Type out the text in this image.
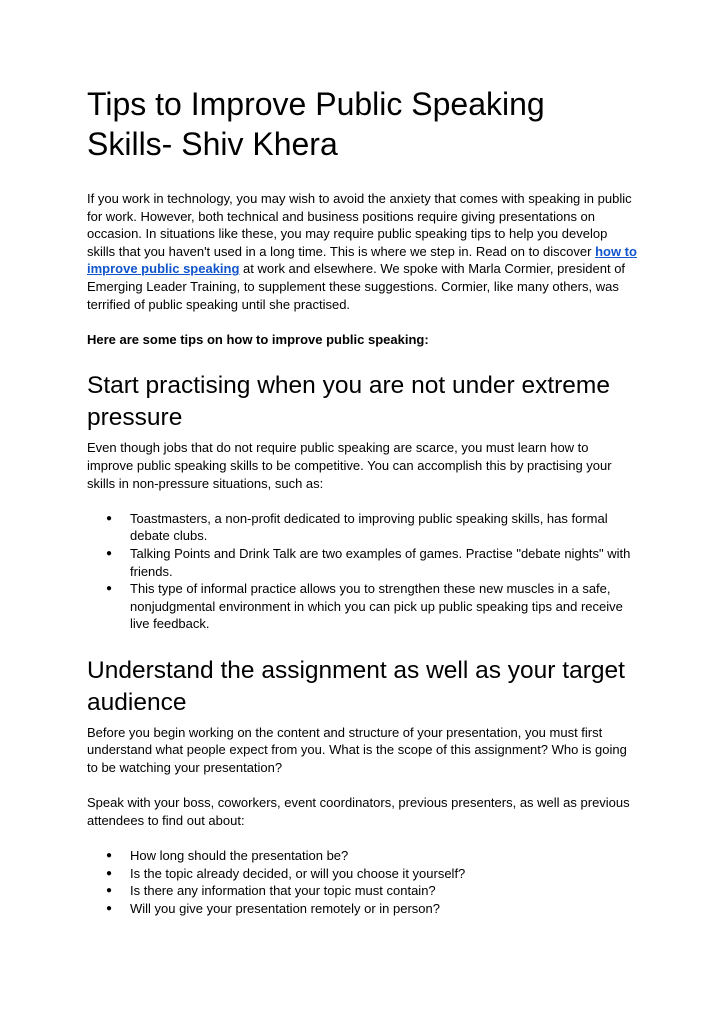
Tips to Improve Public Speaking Skills- Shiv Khera

If you work in technology, you may wish to avoid the anxiety that comes with speaking in public for work. However, both technical and business positions require giving presentations on occasion. In situations like these, you may require public speaking tips to help you develop skills that you haven't used in a long time. This is where we step in. Read on to discover how to improve public speaking at work and elsewhere. We spoke with Marla Cormier, president of Emerging Leader Training, to supplement these suggestions. Cormier, like many others, was terrified of public speaking until she practised.

Here are some tips on how to improve public speaking:

Start practising when you are not under extreme pressure

Even though jobs that do not require public speaking are scarce, you must learn how to improve public speaking skills to be competitive. You can accomplish this by practising your skills in non-pressure situations, such as:

● Toastmasters, a non-profit dedicated to improving public speaking skills, has formal debate clubs.
● Talking Points and Drink Talk are two examples of games. Practise "debate nights" with friends.
● This type of informal practice allows you to strengthen these new muscles in a safe, nonjudgmental environment in which you can pick up public speaking tips and receive live feedback.
Understand the assignment as well as your target audience

Before you begin working on the content and structure of your presentation, you must first understand what people expect from you. What is the scope of this assignment? Who is going to be watching your presentation?

Speak with your boss, coworkers, event coordinators, previous presenters, as well as previous attendees to find out about:

● How long should the presentation be?
● Is the topic already decided, or will you choose it yourself?
● Is there any information that your topic must contain?
● Will you give your presentation remotely or in person?
